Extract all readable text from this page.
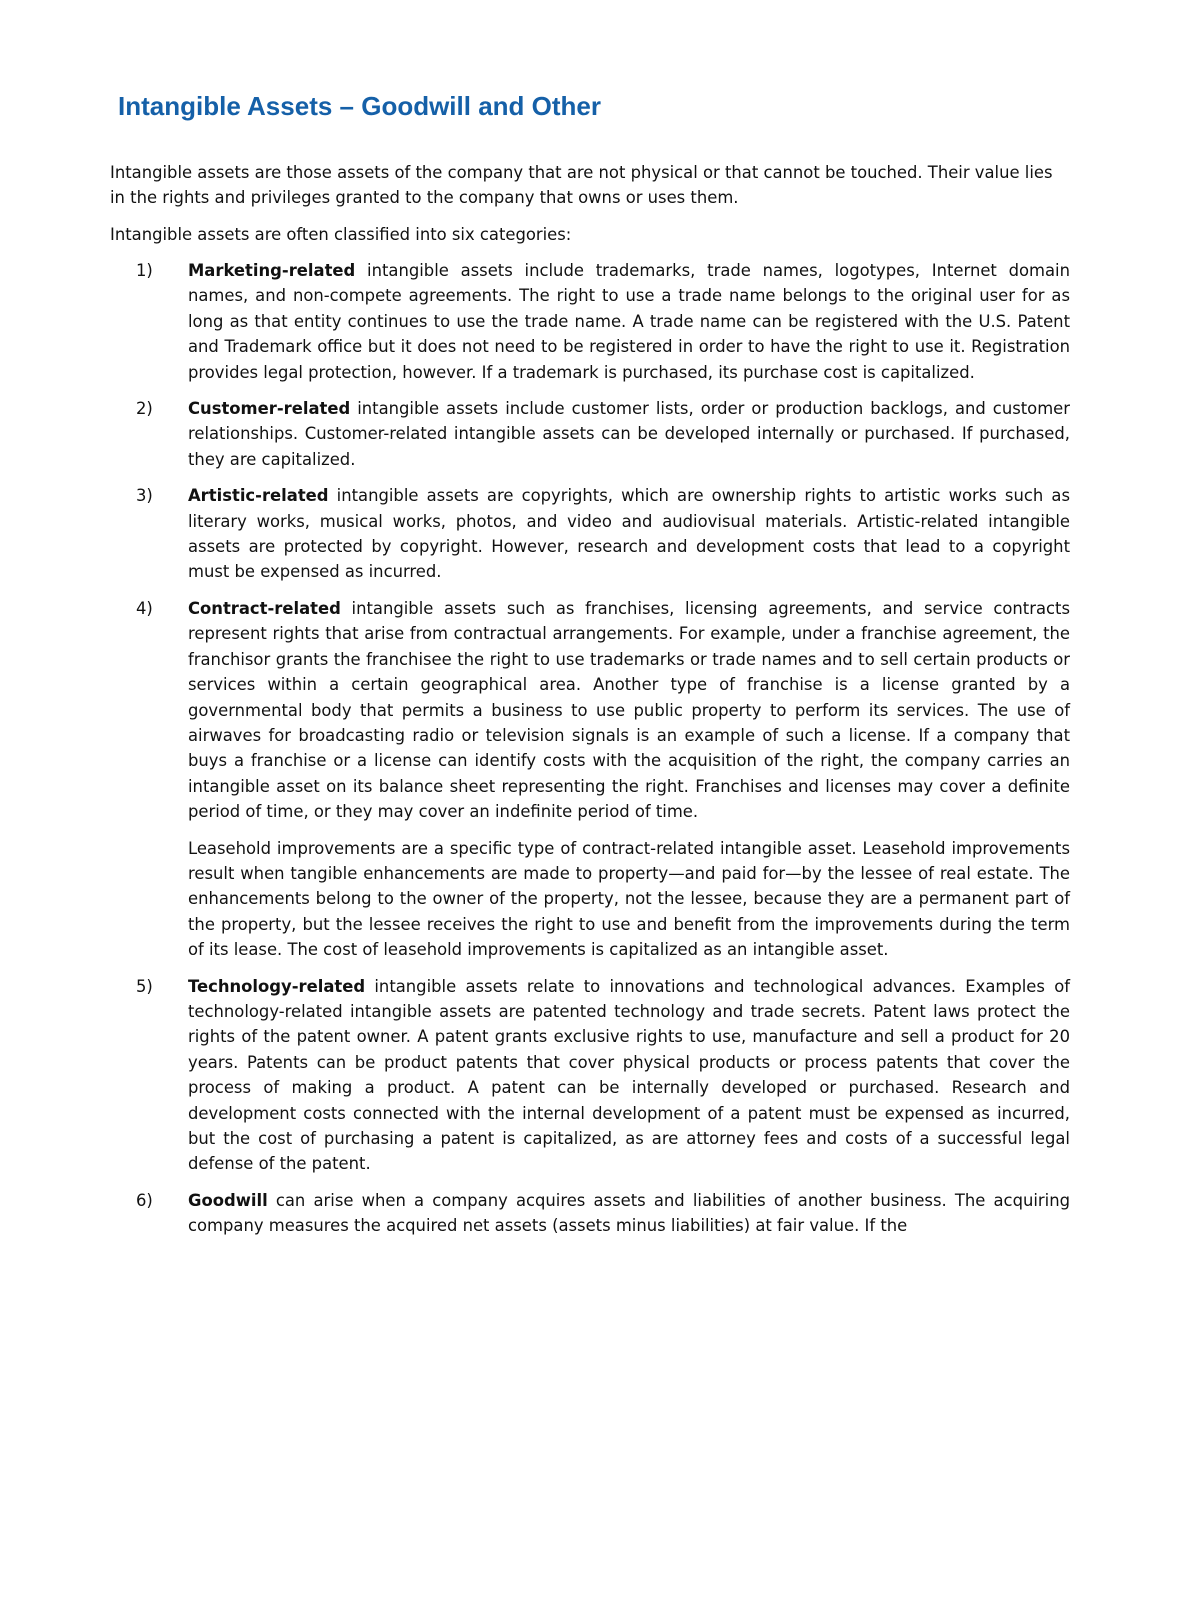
Intangible Assets – Goodwill and Other

Intangible assets are those assets of the company that are not physical or that cannot be touched. Their value lies in the rights and privileges granted to the company that owns or uses them.

Intangible assets are often classified into six categories:

1) Marketing-related intangible assets include trademarks, trade names, logotypes, Internet domain names, and non-compete agreements. The right to use a trade name belongs to the original user for as long as that entity continues to use the trade name. A trade name can be registered with the U.S. Patent and Trademark office but it does not need to be registered in order to have the right to use it. Registration provides legal protection, however. If a trademark is purchased, its purchase cost is capitalized.

2) Customer-related intangible assets include customer lists, order or production backlogs, and customer relationships. Customer-related intangible assets can be developed internally or purchased. If purchased, they are capitalized.

3) Artistic-related intangible assets are copyrights, which are ownership rights to artistic works such as literary works, musical works, photos, and video and audiovisual materials. Artistic-related intangible assets are protected by copyright. However, research and development costs that lead to a copyright must be expensed as incurred.

4) Contract-related intangible assets such as franchises, licensing agreements, and service contracts represent rights that arise from contractual arrangements. For example, under a franchise agreement, the franchisor grants the franchisee the right to use trademarks or trade names and to sell certain products or services within a certain geographical area. Another type of franchise is a license granted by a governmental body that permits a business to use public property to perform its services. The use of airwaves for broadcasting radio or television signals is an example of such a license. If a company that buys a franchise or a license can identify costs with the acquisition of the right, the company carries an intangible asset on its balance sheet representing the right. Franchises and licenses may cover a definite period of time, or they may cover an indefinite period of time.

Leasehold improvements are a specific type of contract-related intangible asset. Leasehold improvements result when tangible enhancements are made to property—and paid for—by the lessee of real estate. The enhancements belong to the owner of the property, not the lessee, because they are a permanent part of the property, but the lessee receives the right to use and benefit from the improvements during the term of its lease. The cost of leasehold improvements is capitalized as an intangible asset.

5) Technology-related intangible assets relate to innovations and technological advances. Examples of technology-related intangible assets are patented technology and trade secrets. Patent laws protect the rights of the patent owner. A patent grants exclusive rights to use, manufacture and sell a product for 20 years. Patents can be product patents that cover physical products or process patents that cover the process of making a product. A patent can be internally developed or purchased. Research and development costs connected with the internal development of a patent must be expensed as incurred, but the cost of purchasing a patent is capitalized, as are attorney fees and costs of a successful legal defense of the patent.

6) Goodwill can arise when a company acquires assets and liabilities of another business. The acquiring company measures the acquired net assets (assets minus liabilities) at fair value. If the
